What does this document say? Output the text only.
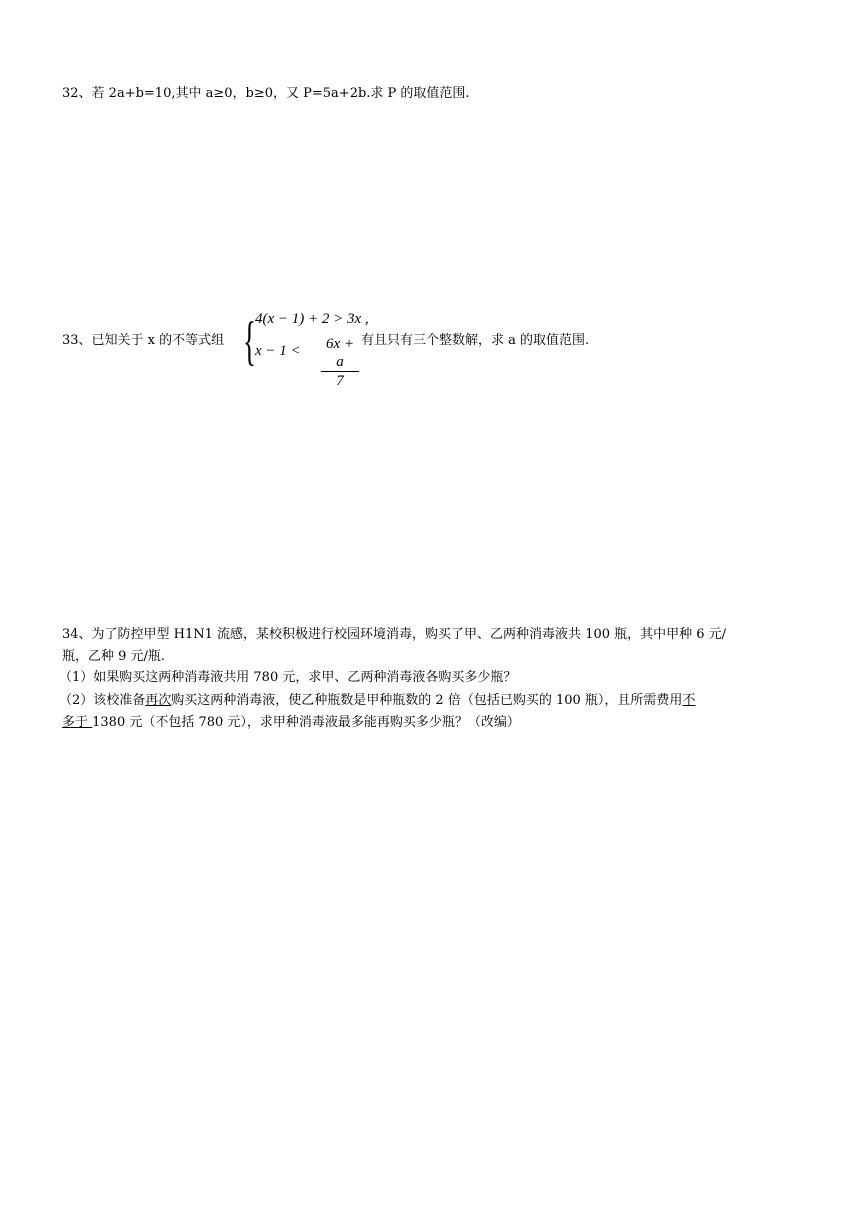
32、若 2a+b=10,其中 a≥0，b≥0，又 P=5a+2b.求 P 的取值范围.
33、已知关于 x 的不等式组 { 4(x − 1) + 2 > 3x ,
$x - 1 < \frac{6x + a}{7}$ 有且只有三个整数解，求 a 的取值范围.
34、为了防控甲型 H1N1 流感，某校积极进行校园环境消毒，购买了甲、乙两种消毒液共 100 瓶，其中甲种 6 元/
瓶，乙种 9 元/瓶.
（1）如果购买这两种消毒液共用 780 元，求甲、乙两种消毒液各购买多少瓶？
（2）该校准备再次购买这两种消毒液，使乙种瓶数是甲种瓶数的 2 倍（包括已购买的 100 瓶），且所需费用不
多于 1380 元（不包括 780 元），求甲种消毒液最多能再购买多少瓶？（改编）
